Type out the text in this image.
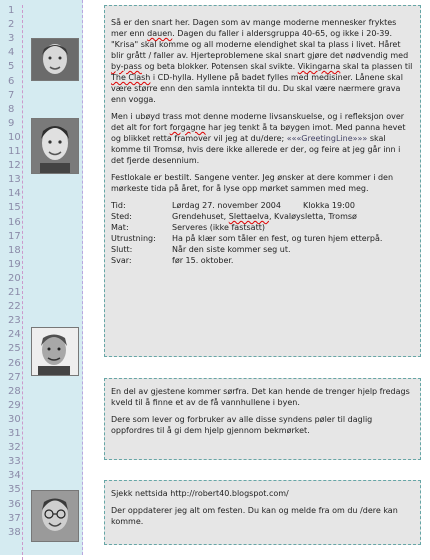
1
2
3
4
5
6
7
8
9
10
11
12
13
14
15
16
17
18
19
20
21
22
23
24
25
26
27
28
29
30
31
32
33
34
35
36
37
38

Så er den snart her. Dagen som av mange moderne mennesker fryktes mer enn dauen. Dagen du faller i aldersgruppa 40-65, og ikke i 20-39. "Krisa" skal komme og all moderne elendighet skal ta plass i livet. Håret blir grått / faller av. Hjerteproblemene skal snart gjøre det nødvendig med by-pass og beta blokker. Potensen skal svikte. Vikingarna skal ta plassen til The Clash i CD-hylla. Hyllene på badet fylles med medisiner. Lånene skal være større enn den samla inntekta til du. Du skal være nærmere grava enn vogga.

Men i ubøyd trass mot denne moderne livsanskuelse, og i refleksjon over det alt for fort forgagne har jeg tenkt å ta bøygen imot. Med panna hevet og blikket retta framover vil jeg at du/dere; «««GreetingLine»»» skal komme til Tromsø, hvis dere ikke allerede er der, og feire at jeg går inn i det fjerde desennium.

Festlokale er bestilt. Sangene venter. Jeg ønsker at dere kommer i den mørkeste tida på året, for å lyse opp mørket sammen med meg.

Tid:	Lørdag 27. november 2004	Klokka 19:00
Sted:	Grendehuset, Slettaelva, Kvaløysletta, Tromsø
Mat:	Serveres (ikke fastsatt)
Utrustning:	Ha på klær som tåler en fest, og turen hjem etterpå.
Slutt:	Når den siste kommer seg ut.
Svar:	før 15. oktober.

En del av gjestene kommer sørfra. Det kan hende de trenger hjelp fredags kveld til å finne et av de få vannhullene i byen.

Dere som lever og forbruker av alle disse syndens pøler til daglig oppfordres til å gi dem hjelp gjennom bekmørket.

Sjekk nettsida http://robert40.blogspot.com/

Der oppdaterer jeg alt om festen. Du kan og melde fra om du /dere kan komme.
